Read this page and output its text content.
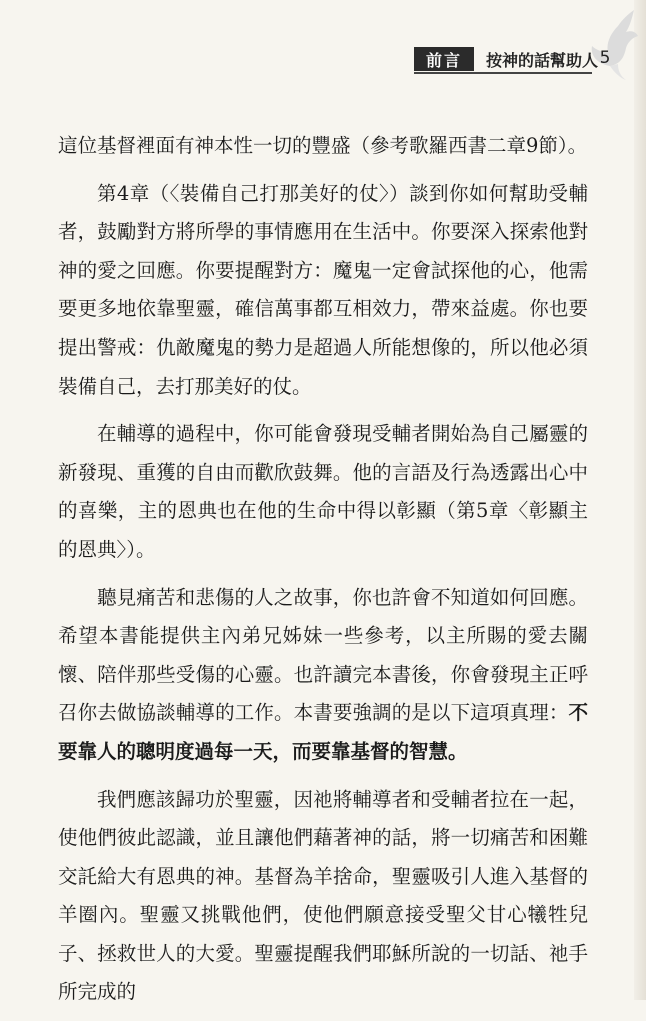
前言	按神的話幫助人 5

這位基督裡面有神本性一切的豐盛（參考歌羅西書二章9節）。

第4章（〈裝備自己打那美好的仗〉）談到你如何幫助受輔者，鼓勵對方將所學的事情應用在生活中。你要深入探索他對神的愛之回應。你要提醒對方：魔鬼一定會試探他的心，他需要更多地依靠聖靈，確信萬事都互相效力，帶來益處。你也要提出警戒：仇敵魔鬼的勢力是超過人所能想像的，所以他必須裝備自己，去打那美好的仗。

在輔導的過程中，你可能會發現受輔者開始為自己屬靈的新發現、重獲的自由而歡欣鼓舞。他的言語及行為透露出心中的喜樂，主的恩典也在他的生命中得以彰顯（第5章〈彰顯主的恩典〉）。

聽見痛苦和悲傷的人之故事，你也許會不知道如何回應。希望本書能提供主內弟兄姊妹一些參考，以主所賜的愛去關懷、陪伴那些受傷的心靈。也許讀完本書後，你會發現主正呼召你去做協談輔導的工作。本書要強調的是以下這項真理：不要靠人的聰明度過每一天，而要靠基督的智慧。

我們應該歸功於聖靈，因祂將輔導者和受輔者拉在一起，使他們彼此認識，並且讓他們藉著神的話，將一切痛苦和困難交託給大有恩典的神。基督為羊捨命，聖靈吸引人進入基督的羊圈內。聖靈又挑戰他們，使他們願意接受聖父甘心犧牲兒子、拯救世人的大愛。聖靈提醒我們耶穌所說的一切話、祂手所完成的
